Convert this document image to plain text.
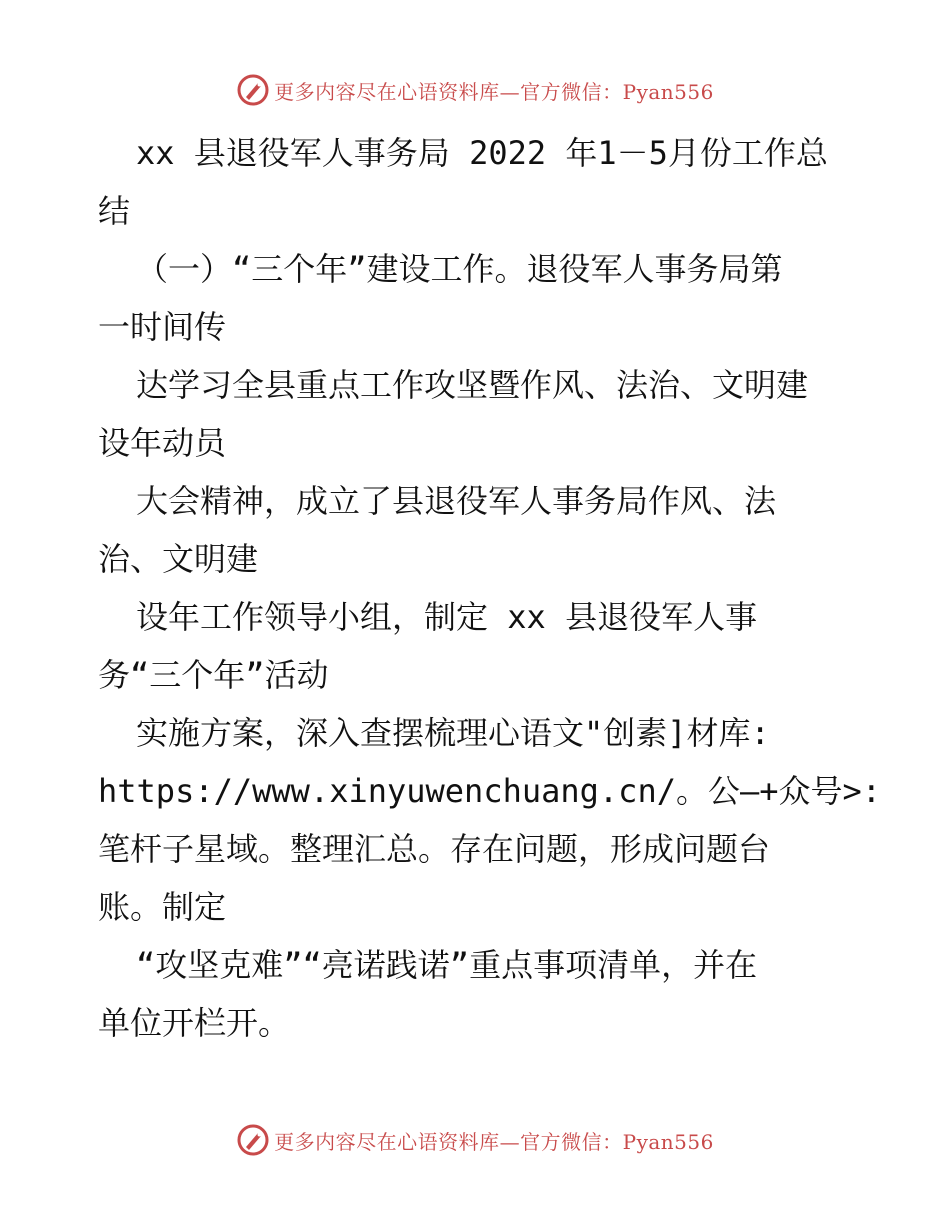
更多内容尽在心语资料库—官方微信：Pyan556
xx 县退役军人事务局 2022 年1－5月份工作总
结
（一）“三个年”建设工作。退役军人事务局第
一时间传
达学习全县重点工作攻坚暨作风、法治、文明建
设年动员
大会精神，成立了县退役军人事务局作风、法
治、文明建
设年工作领导小组，制定 xx 县退役军人事
务“三个年”活动
实施方案，深入查摆梳理心语文"创素]材库:
https://www.xinyuwenchuang.cn/。公—+众号>:
笔杆子星域。整理汇总。存在问题，形成问题台
账。制定
“攻坚克难”“亮诺践诺”重点事项清单，并在
单位开栏开。
更多内容尽在心语资料库—官方微信：Pyan556
